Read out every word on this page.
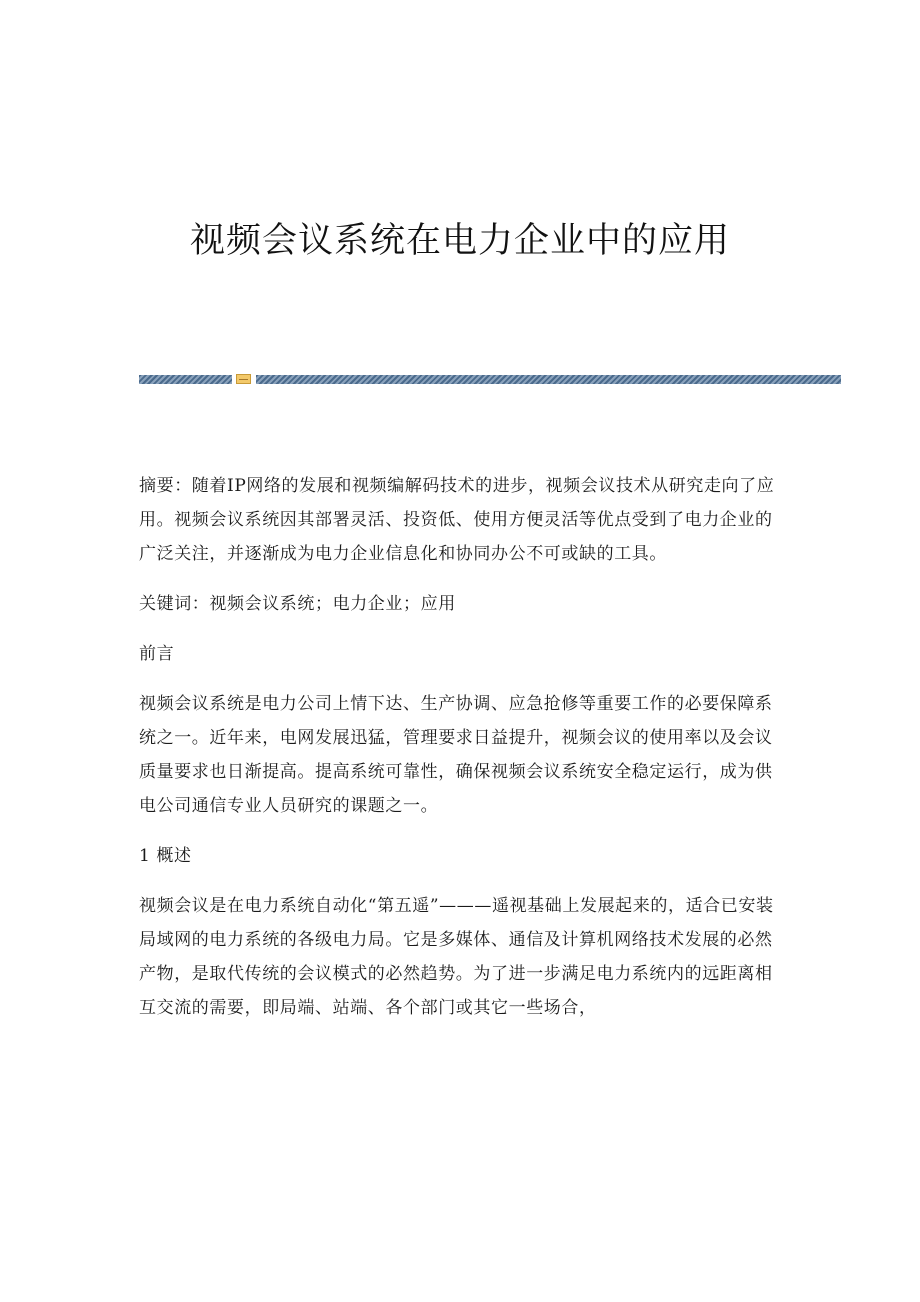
视频会议系统在电力企业中的应用

摘要：随着IP网络的发展和视频编解码技术的进步，视频会议技术从研究走向了应用。视频会议系统因其部署灵活、投资低、使用方便灵活等优点受到了电力企业的广泛关注，并逐渐成为电力企业信息化和协同办公不可或缺的工具。

关键词：视频会议系统；电力企业；应用

前言

视频会议系统是电力公司上情下达、生产协调、应急抢修等重要工作的必要保障系统之一。近年来，电网发展迅猛，管理要求日益提升，视频会议的使用率以及会议质量要求也日渐提高。提高系统可靠性，确保视频会议系统安全稳定运行，成为供电公司通信专业人员研究的课题之一。

1 概述

视频会议是在电力系统自动化“第五遥”———遥视基础上发展起来的，适合已安装局域网的电力系统的各级电力局。它是多媒体、通信及计算机网络技术发展的必然产物，是取代传统的会议模式的必然趋势。为了进一步满足电力系统内的远距离相互交流的需要，即局端、站端、各个部门或其它一些场合，
